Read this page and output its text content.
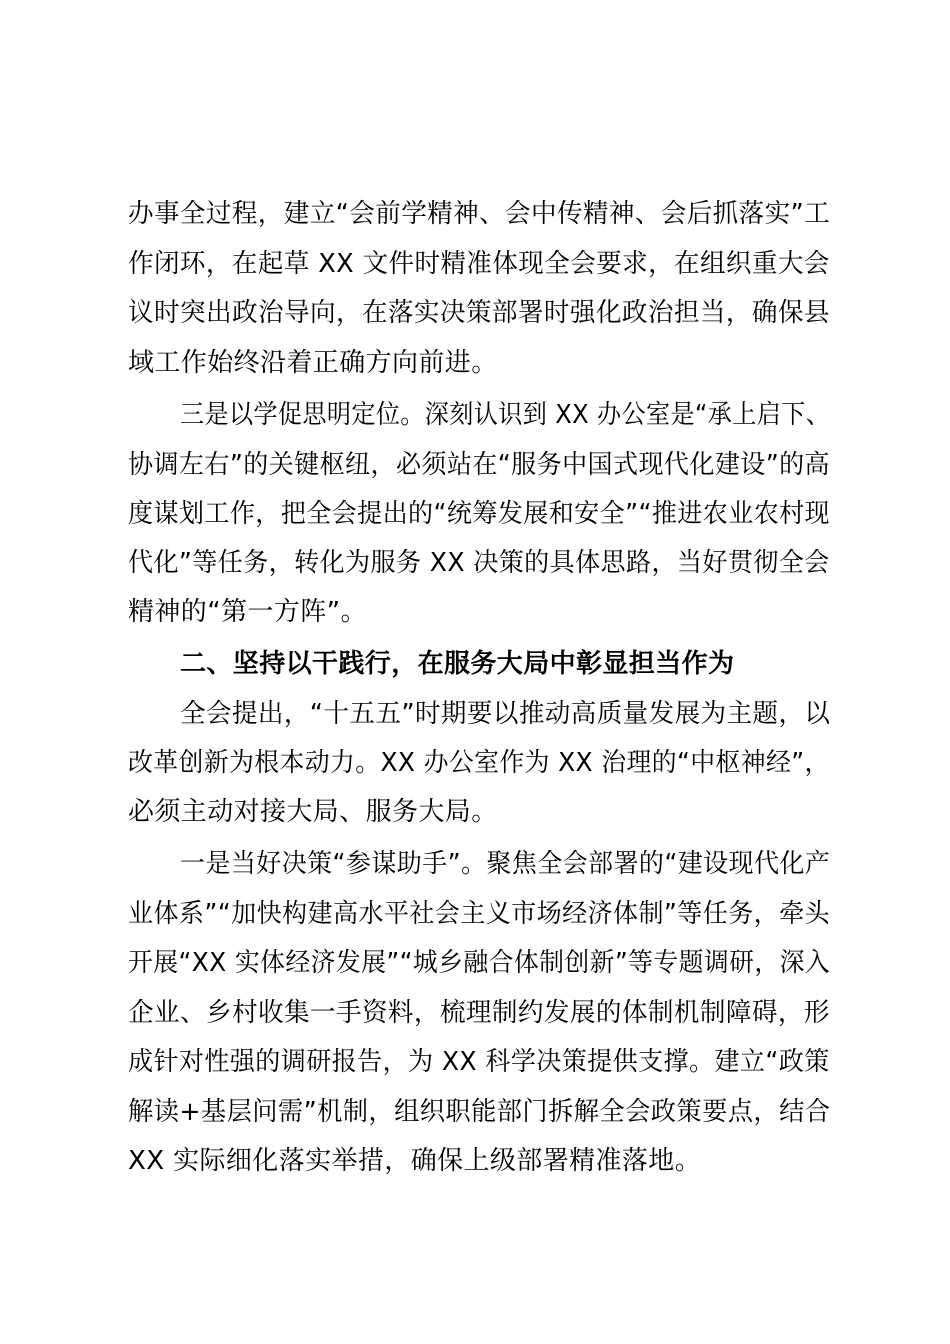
办事全过程，建立“会前学精神、会中传精神、会后抓落实”工
作闭环，在起草 XX 文件时精准体现全会要求，在组织重大会
议时突出政治导向，在落实决策部署时强化政治担当，确保县
域工作始终沿着正确方向前进。
三是以学促思明定位。深刻认识到 XX 办公室是“承上启下、
协调左右”的关键枢纽，必须站在“服务中国式现代化建设”的高
度谋划工作，把全会提出的“统筹发展和安全”“推进农业农村现
代化”等任务，转化为服务 XX 决策的具体思路，当好贯彻全会
精神的“第一方阵”。
二、坚持以干践行，在服务大局中彰显担当作为
全会提出，“十五五”时期要以推动高质量发展为主题，以
改革创新为根本动力。XX 办公室作为 XX 治理的“中枢神经”，
必须主动对接大局、服务大局。
一是当好决策“参谋助手”。聚焦全会部署的“建设现代化产
业体系”“加快构建高水平社会主义市场经济体制”等任务，牵头
开展“XX 实体经济发展”“城乡融合体制创新”等专题调研，深入
企业、乡村收集一手资料，梳理制约发展的体制机制障碍，形
成针对性强的调研报告，为 XX 科学决策提供支撑。建立“政策
解读+基层问需”机制，组织职能部门拆解全会政策要点，结合
XX 实际细化落实举措，确保上级部署精准落地。
